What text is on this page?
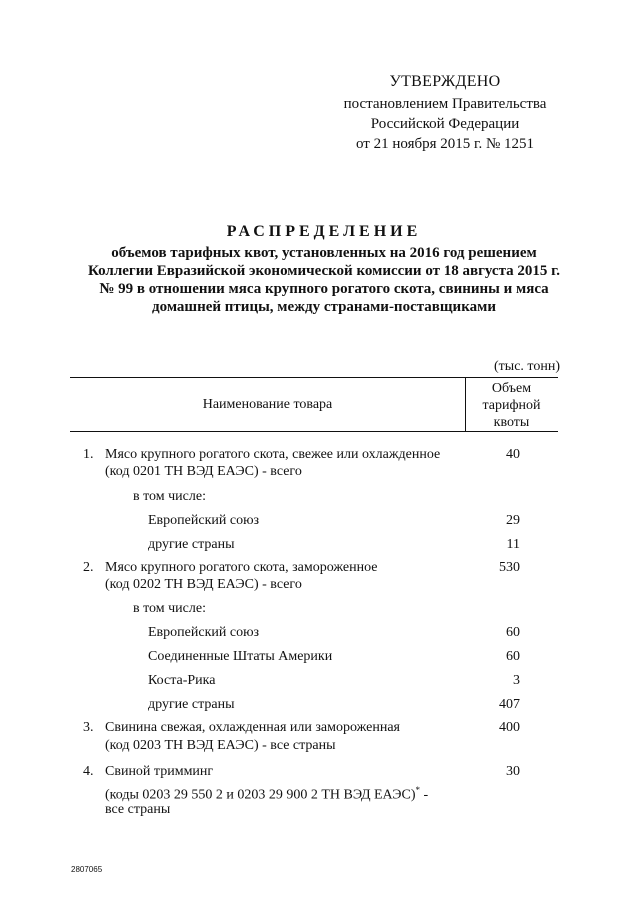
УТВЕРЖДЕНО
постановлением Правительства
Российской Федерации
от 21 ноября 2015 г. № 1251
РАСПРЕДЕЛЕНИЕ
объемов тарифных квот, установленных на 2016 год решением
Коллегии Евразийской экономической комиссии от 18 августа 2015 г.
№ 99 в отношении мяса крупного рогатого скота, свинины и мяса
домашней птицы, между странами-поставщиками
(тыс. тонн)
Наименование товара
Объем
тарифной
квоты
1. Мясо крупного рогатого скота, свежее или охлажденное	40
(код 0201 ТН ВЭД ЕАЭС) - всего
в том числе:
Европейский союз	29
другие страны	11
2. Мясо крупного рогатого скота, замороженное	530
(код 0202 ТН ВЭД ЕАЭС) - всего
в том числе:
Европейский союз	60
Соединенные Штаты Америки	60
Коста-Рика	3
другие страны	407
3. Свинина свежая, охлажденная или замороженная	400
(код 0203 ТН ВЭД ЕАЭС) - все страны
4. Свиной тримминг	30
(коды 0203 29 550 2 и 0203 29 900 2 ТН ВЭД ЕАЭС)* -
все страны
2807065
